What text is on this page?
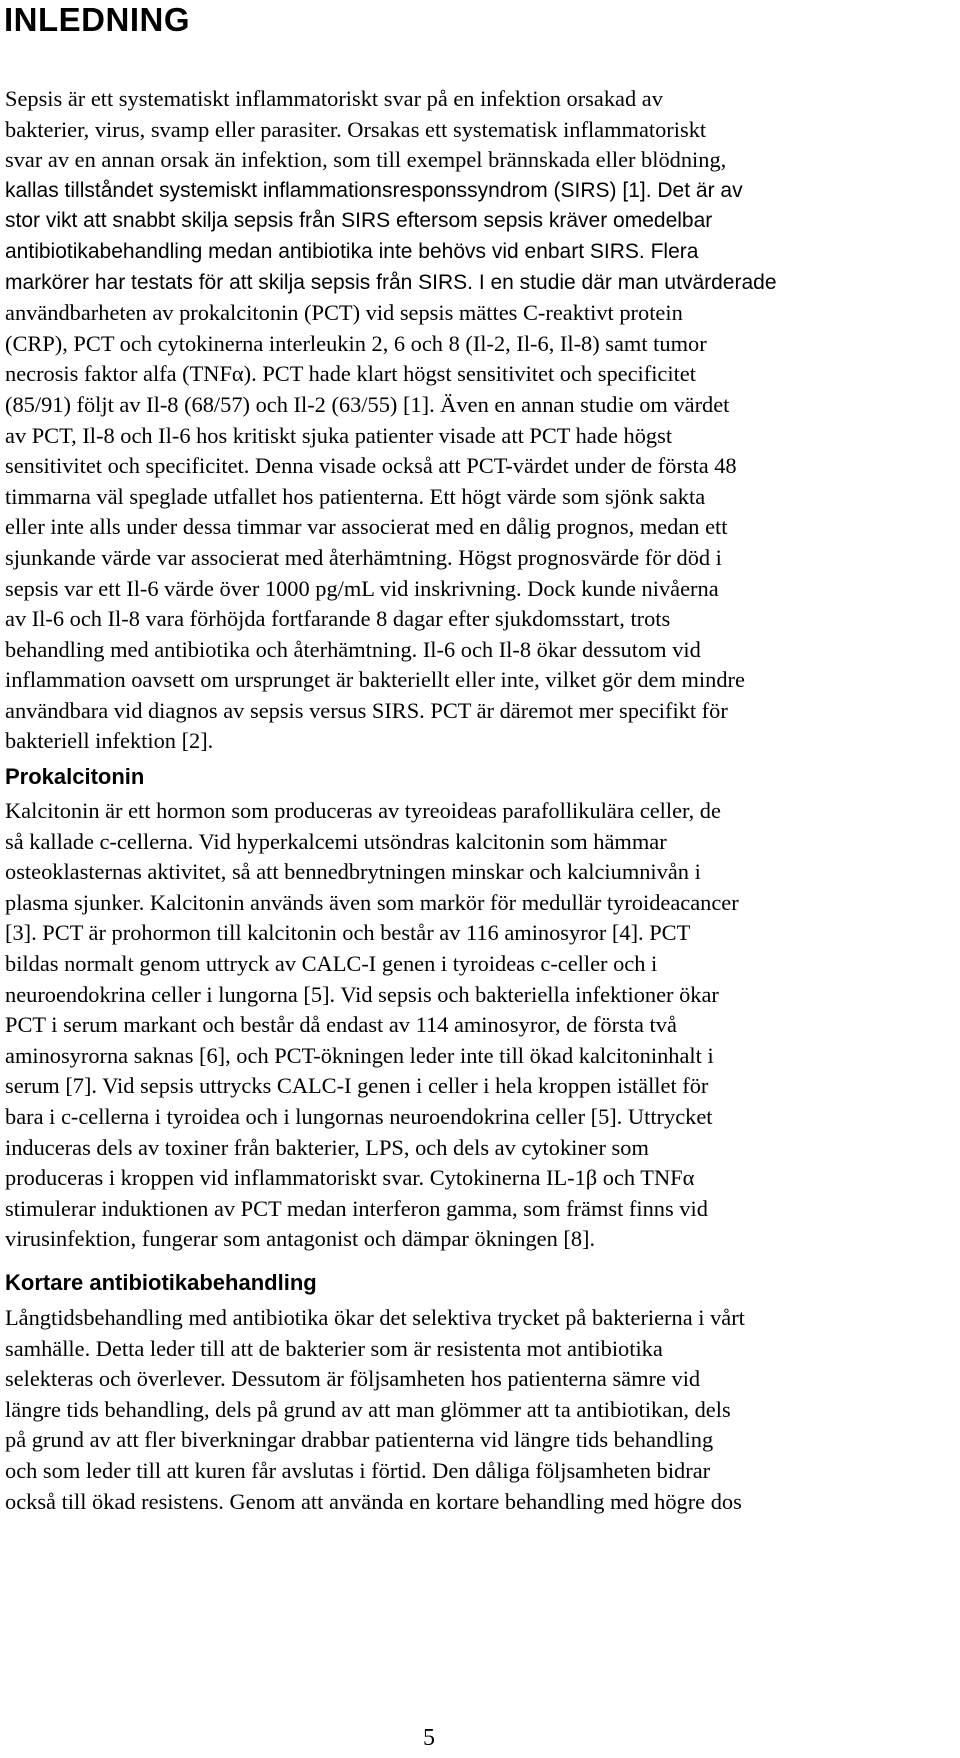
INLEDNING
Sepsis är ett systematiskt inflammatoriskt svar på en infektion orsakad av
bakterier, virus, svamp eller parasiter. Orsakas ett systematisk inflammatoriskt
svar av en annan orsak än infektion, som till exempel brännskada eller blödning,
kallas tillståndet systemiskt inflammationsresponssyndrom (SIRS) [1]. Det är av
stor vikt att snabbt skilja sepsis från SIRS eftersom sepsis kräver omedelbar
antibiotikabehandling medan antibiotika inte behövs vid enbart SIRS. Flera
markörer har testats för att skilja sepsis från SIRS. I en studie där man utvärderade
användbarheten av prokalcitonin (PCT) vid sepsis mättes C-reaktivt protein
(CRP), PCT och cytokinerna interleukin 2, 6 och 8 (Il-2, Il-6, Il-8) samt tumor
necrosis faktor alfa (TNFα). PCT hade klart högst sensitivitet och specificitet
(85/91) följt av Il-8 (68/57) och Il-2 (63/55) [1]. Även en annan studie om värdet
av PCT, Il-8 och Il-6 hos kritiskt sjuka patienter visade att PCT hade högst
sensitivitet och specificitet. Denna visade också att PCT-värdet under de första 48
timmarna väl speglade utfallet hos patienterna. Ett högt värde som sjönk sakta
eller inte alls under dessa timmar var associerat med en dålig prognos, medan ett
sjunkande värde var associerat med återhämtning. Högst prognosvärde för död i
sepsis var ett Il-6 värde över 1000 pg/mL vid inskrivning. Dock kunde nivåerna
av Il-6 och Il-8 vara förhöjda fortfarande 8 dagar efter sjukdomsstart, trots
behandling med antibiotika och återhämtning. Il-6 och Il-8 ökar dessutom vid
inflammation oavsett om ursprunget är bakteriellt eller inte, vilket gör dem mindre
användbara vid diagnos av sepsis versus SIRS. PCT är däremot mer specifikt för
bakteriell infektion [2].
Prokalcitonin
Kalcitonin är ett hormon som produceras av tyreoideas parafollikulära celler, de
så kallade c-cellerna. Vid hyperkalcemi utsöndras kalcitonin som hämmar
osteoklasternas aktivitet, så att bennedbrytningen minskar och kalciumnivån i
plasma sjunker. Kalcitonin används även som markör för medullär tyroideacancer
[3]. PCT är prohormon till kalcitonin och består av 116 aminosyror [4]. PCT
bildas normalt genom uttryck av CALC-I genen i tyroideas c-celler och i
neuroendokrina celler i lungorna [5]. Vid sepsis och bakteriella infektioner ökar
PCT i serum markant och består då endast av 114 aminosyror, de första två
aminosyrorna saknas [6], och PCT-ökningen leder inte till ökad kalcitoninhalt i
serum [7]. Vid sepsis uttrycks CALC-I genen i celler i hela kroppen istället för
bara i c-cellerna i tyroidea och i lungornas neuroendokrina celler [5]. Uttrycket
induceras dels av toxiner från bakterier, LPS, och dels av cytokiner som
produceras i kroppen vid inflammatoriskt svar. Cytokinerna IL-1β och TNFα
stimulerar induktionen av PCT medan interferon gamma, som främst finns vid
virusinfektion, fungerar som antagonist och dämpar ökningen [8].
Kortare antibiotikabehandling
Långtidsbehandling med antibiotika ökar det selektiva trycket på bakterierna i vårt
samhälle. Detta leder till att de bakterier som är resistenta mot antibiotika
selekteras och överlever. Dessutom är följsamheten hos patienterna sämre vid
längre tids behandling, dels på grund av att man glömmer att ta antibiotikan, dels
på grund av att fler biverkningar drabbar patienterna vid längre tids behandling
och som leder till att kuren får avslutas i förtid. Den dåliga följsamheten bidrar
också till ökad resistens. Genom att använda en kortare behandling med högre dos
5
